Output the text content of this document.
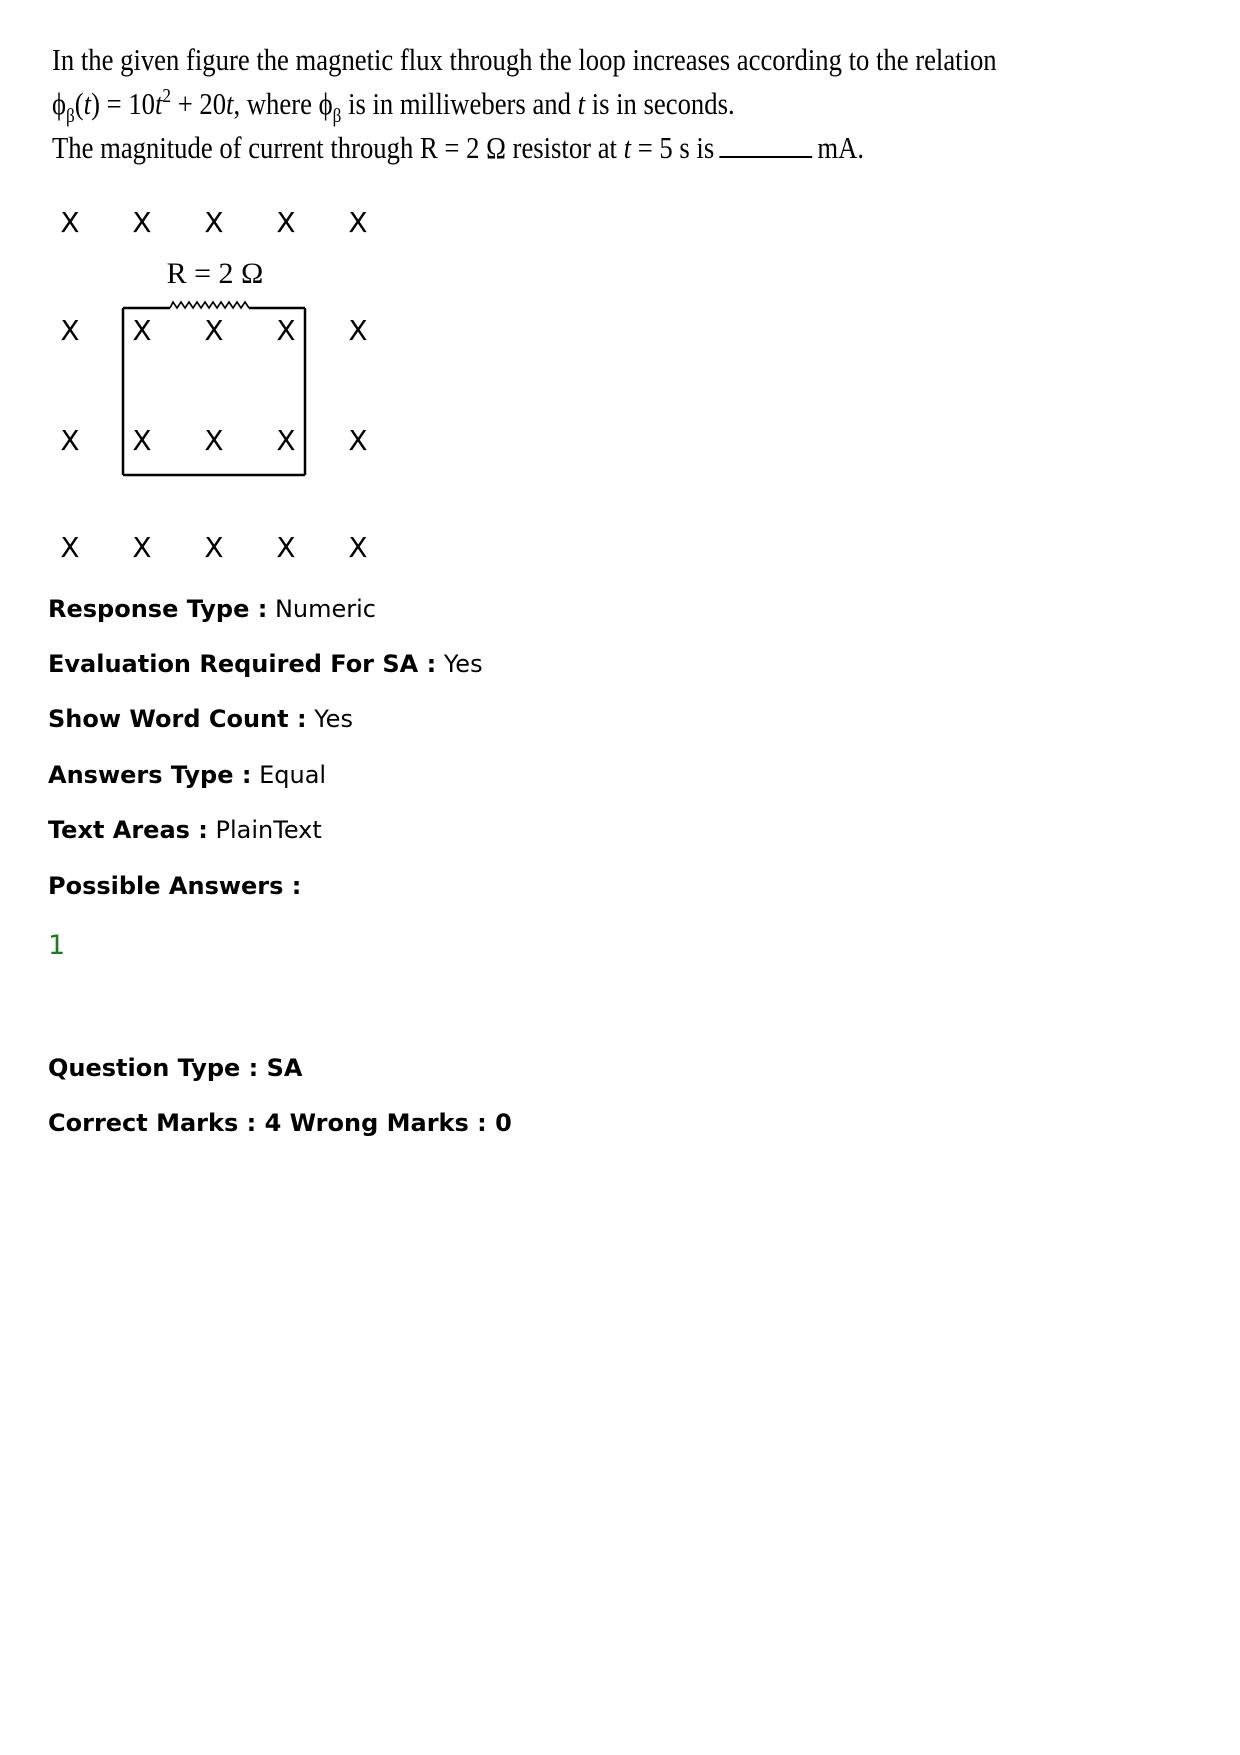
In the given figure the magnetic flux through the loop increases according to the relation
$\phi_\beta(t) = 10t^2 + 20t$, where $\phi_\beta$ is in milliwebers and t is in seconds.
The magnitude of current through R = 2 Ω resistor at t = 5 s is	mA.
X X X X X
X X X X X
X X X X X
X X X X X
R = 2 Ω
Response Type : Numeric
Evaluation Required For SA : Yes
Show Word Count : Yes
Answers Type : Equal
Text Areas : PlainText
Possible Answers :
1
Question Type : SA
Correct Marks : 4 Wrong Marks : 0
